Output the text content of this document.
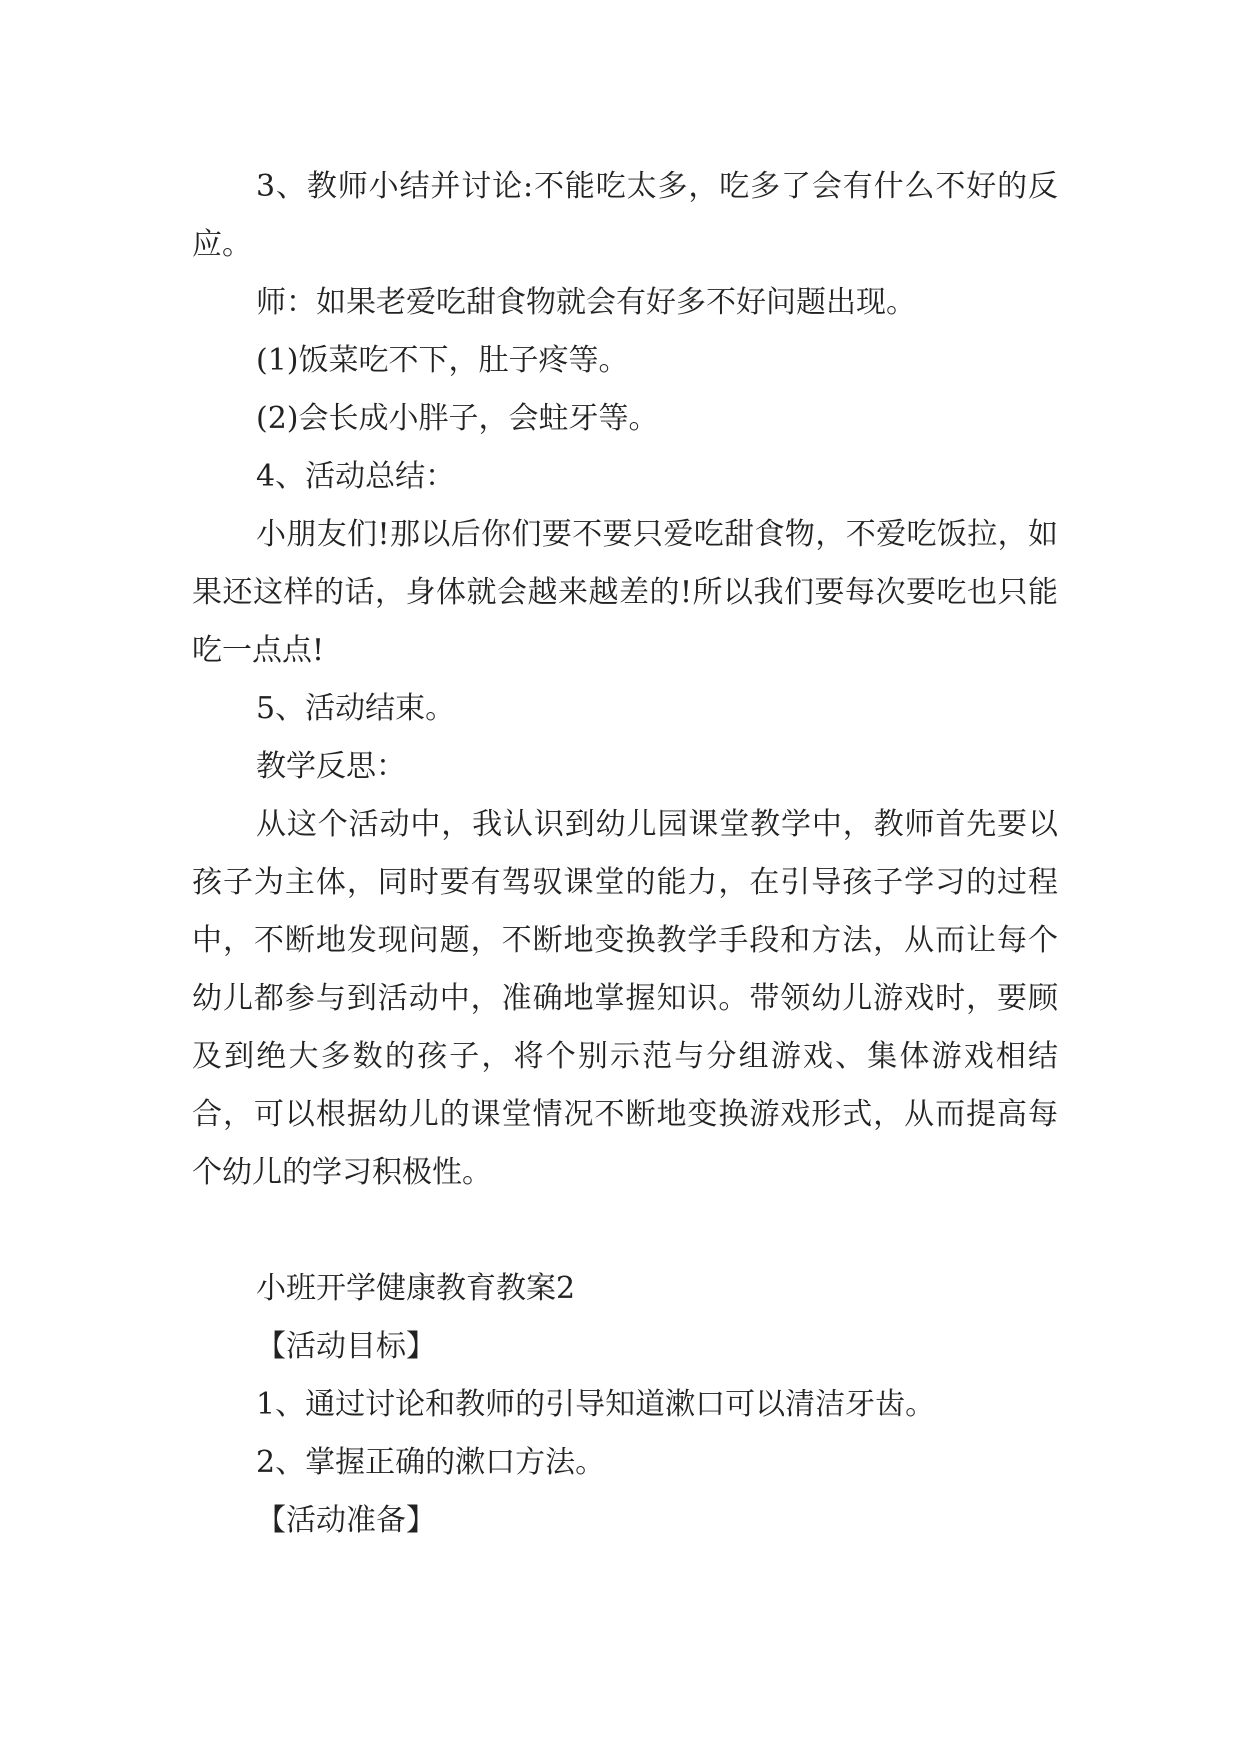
3、教师小结并讨论:不能吃太多，吃多了会有什么不好的反应。

师：如果老爱吃甜食物就会有好多不好问题出现。

(1)饭菜吃不下，肚子疼等。

(2)会长成小胖子，会蛀牙等。

4、活动总结：

小朋友们!那以后你们要不要只爱吃甜食物，不爱吃饭拉，如果还这样的话，身体就会越来越差的!所以我们要每次要吃也只能吃一点点!

5、活动结束。

教学反思：

从这个活动中，我认识到幼儿园课堂教学中，教师首先要以孩子为主体，同时要有驾驭课堂的能力，在引导孩子学习的过程中，不断地发现问题，不断地变换教学手段和方法，从而让每个幼儿都参与到活动中，准确地掌握知识。带领幼儿游戏时，要顾及到绝大多数的孩子，将个别示范与分组游戏、集体游戏相结合，可以根据幼儿的课堂情况不断地变换游戏形式，从而提高每个幼儿的学习积极性。

小班开学健康教育教案2

【活动目标】

1、通过讨论和教师的引导知道漱口可以清洁牙齿。

2、掌握正确的漱口方法。

【活动准备】
